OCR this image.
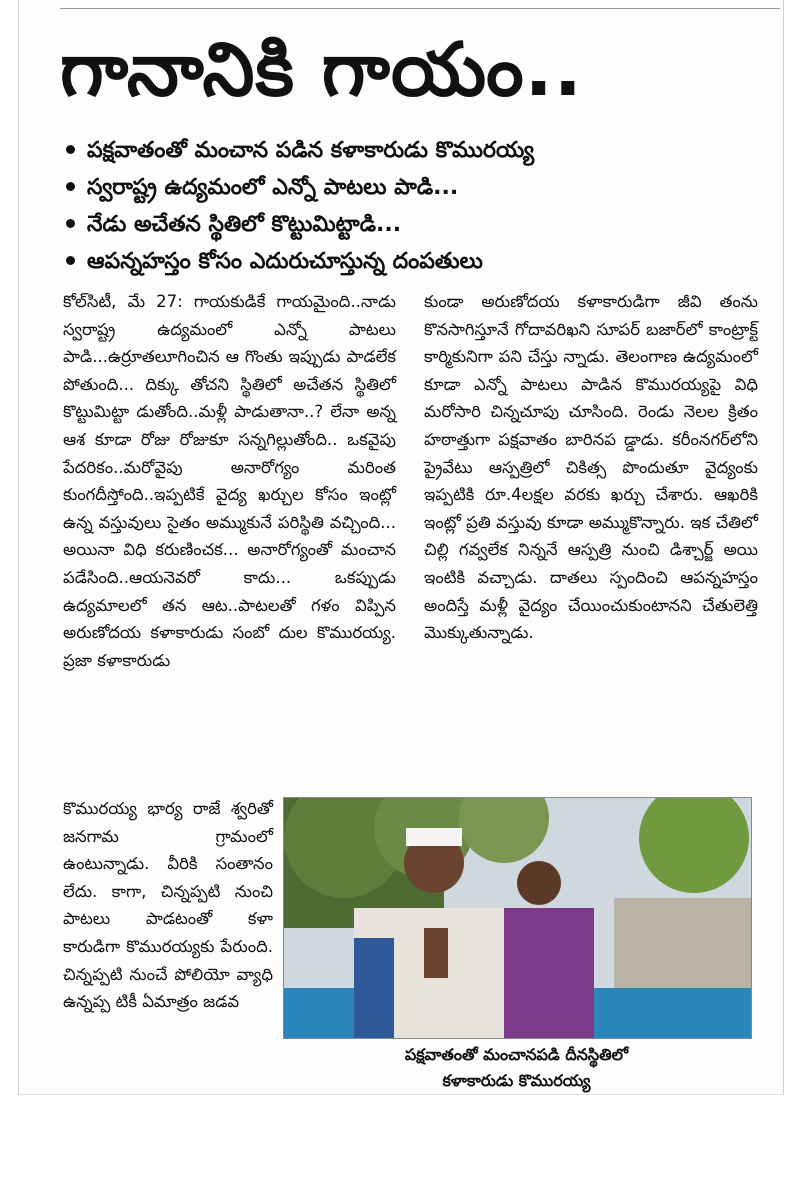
గానానికి గాయం..
పక్షవాతంతో మంచాన పడిన కళాకారుడు కొమురయ్య
స్వరాష్ట్ర ఉద్యమంలో ఎన్నో పాటలు పాడి...
నేడు అచేతన స్థితిలో కొట్టుమిట్టాడి...
ఆపన్నహస్తం కోసం ఎదురుచూస్తున్న దంపతులు
కోల్‌సిటీ, మే 27: గాయకుడికే గాయమైంది..నాడు స్వరాష్ట్ర ఉద్యమంలో ఎన్నో పాటలు పాడి...ఉర్రూతలూగించిన ఆ గొంతు ఇప్పుడు పాడలేక పోతుంది... దిక్కు తోచని స్థితిలో అచేతన స్థితిలో కొట్టుమిట్టా డుతోంది..మళ్లీ పాడుతానా..? లేనా అన్న ఆశ కూడా రోజు రోజుకూ సన్నగిల్లుతోంది.. ఒకవైపు పేదరికం..మరోవైపు అనారోగ్యం మరింత కుంగదీస్తోంది..ఇప్పటికే వైద్య ఖర్చుల కోసం ఇంట్లో ఉన్న వస్తువులు సైతం అమ్ముకునే పరిస్థితి వచ్చింది... అయినా విధి కరుణించక... అనారోగ్యంతో మంచాన పడేసింది..ఆయనెవరో కాదు... ఒకప్పుడు ఉద్యమాలలో తన ఆట..పాటలతో గళం విప్పిన అరుణోదయ కళాకారుడు సంబో దుల కొమురయ్య. ప్రజా కళాకారుడు
కుండా అరుణోదయ కళాకారుడిగా జీవి తంను కొనసాగిస్తూనే గోదావరిఖని సూపర్ బజార్‌లో కాంట్రాక్ట్ కార్మికునిగా పని చేస్తు న్నాడు. తెలంగాణ ఉద్యమంలో కూడా ఎన్నో పాటలు పాడిన కొమురయ్యపై విధి మరోసారి చిన్నచూపు చూసింది. రెండు నెలల క్రితం హఠాత్తుగా పక్షవాతం బారినప డ్డాడు. కరీంనగర్‌లోని ప్రైవేటు ఆస్పత్రిలో చికిత్స పొందుతూ వైద్యంకు ఇప్పటికి రూ.4లక్షల వరకు ఖర్చు చేశారు. ఆఖరికి ఇంట్లో ప్రతి వస్తువు కూడా అమ్ముకొన్నారు. ఇక చేతిలో చిల్లి గవ్వలేక నిన్ననే ఆస్పత్రి నుంచి డిశ్చార్జ్ అయి ఇంటికి వచ్చాడు. దాతలు స్పందించి ఆపన్నహస్తం అందిస్తే మళ్లీ వైద్యం చేయించుకుంటానని చేతులెత్తి మొక్కుతున్నాడు.
కొమురయ్య భార్య రాజే శ్వరితో జనగామ గ్రామంలో ఉంటున్నాడు. వీరికి సంతానం లేదు. కాగా, చిన్నప్పటి నుంచి పాటలు పాడటంతో కళా కారుడిగా కొమురయ్యకు పేరుంది. చిన్నప్పటి నుంచే పోలియో వ్యాధి ఉన్నప్ప టికీ ఏమాత్రం జడవ
పక్షవాతంతో మంచానపడి దీనస్థితిలో
కళాకారుడు కొమురయ్య
